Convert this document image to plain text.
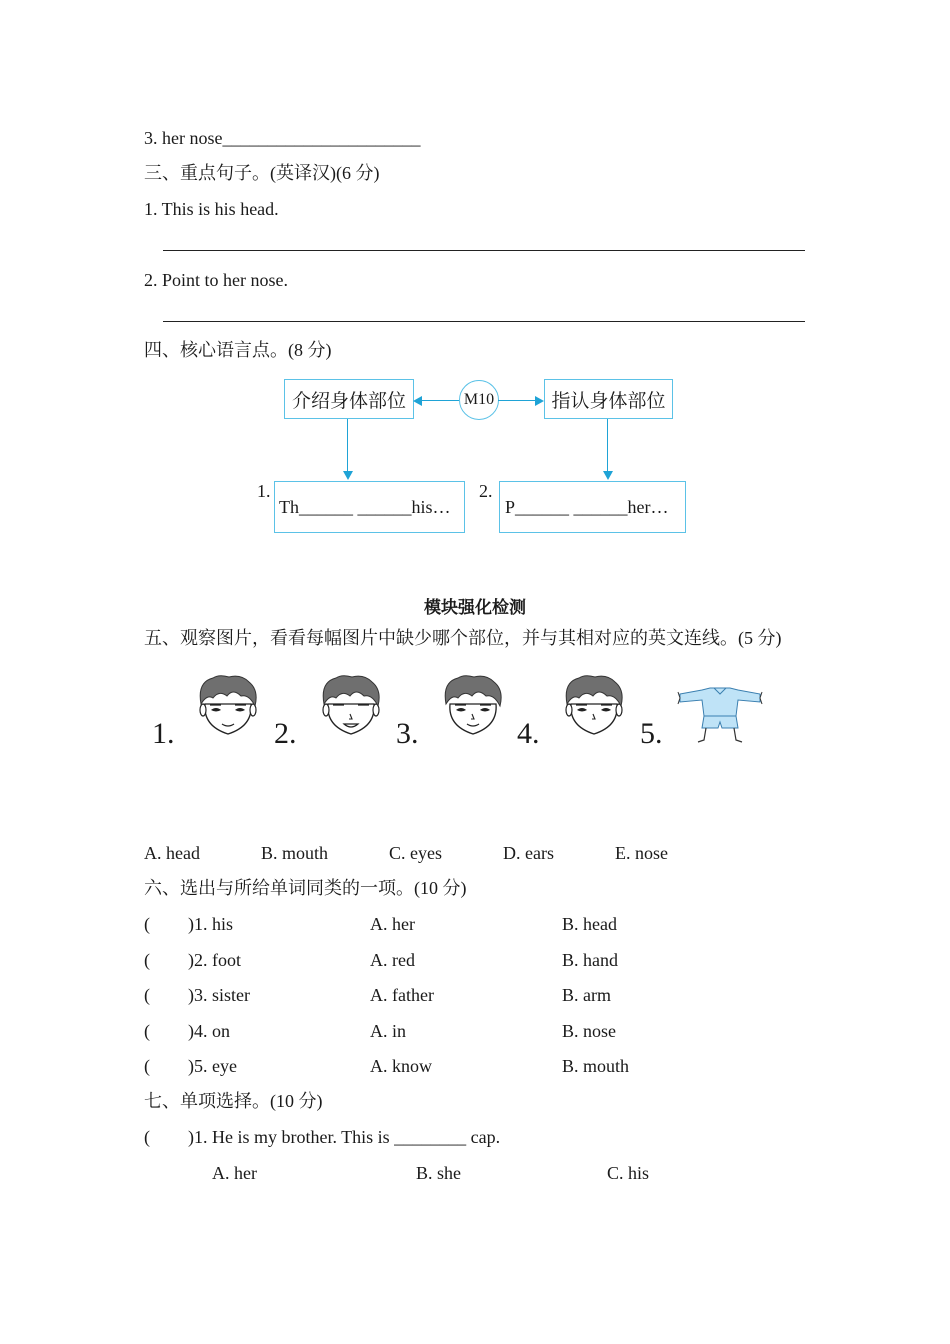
3. her nose______________________
三、重点句子。(英译汉)(6 分)
1. This is his head.
2. Point to her nose.
四、核心语言点。(8 分)
介绍身体部位	M10	指认身体部位
1.
Th______ ______his…
2.
P______ ______her…
模块强化检测
五、观察图片，看看每幅图片中缺少哪个部位，并与其相对应的英文连线。(5 分)
1.	2.	3.	4.	5.
A. head	B. mouth	C. eyes	D. ears	E. nose
六、选出与所给单词同类的一项。(10 分)
( )1. his	A. her	B. head
( )2. foot	A. red	B. hand
( )3. sister	A. father	B. arm
( )4. on	A. in	B. nose
( )5. eye	A. know	B. mouth
七、单项选择。(10 分)
( )1. He is my brother. This is ________ cap.
A. her	B. she	C. his
